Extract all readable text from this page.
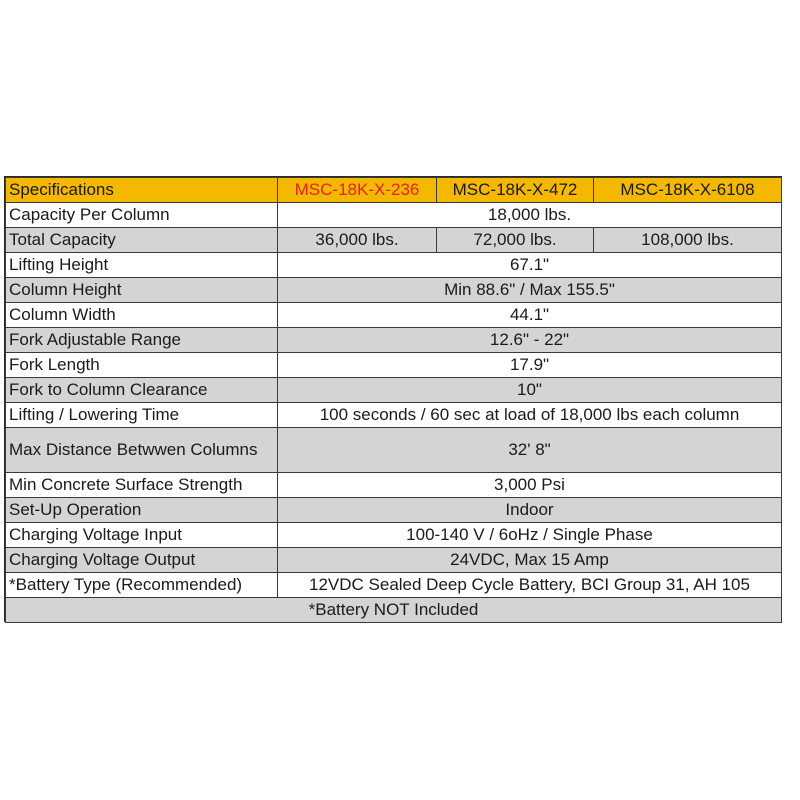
Specifications	MSC-18K-X-236	MSC-18K-X-472	MSC-18K-X-6108
Capacity Per Column	18,000 lbs.		
Total Capacity	36,000 lbs.	72,000 lbs.	108,000 lbs.
Lifting Height	67.1"		
Column Height	Min 88.6" / Max 155.5"		
Column Width	44.1"		
Fork Adjustable Range	12.6" - 22"		
Fork Length	17.9"		
Fork to Column Clearance	10"		
Lifting / Lowering Time	100 seconds / 60 sec at load of 18,000 lbs each column		
Max Distance Betwwen Columns	32' 8"		
Min Concrete Surface Strength	3,000 Psi		
Set-Up Operation	Indoor		
Charging Voltage Input	100-140 V / 6oHz / Single Phase		
Charging Voltage Output	24VDC, Max 15 Amp		
*Battery Type (Recommended)	12VDC Sealed Deep Cycle Battery, BCI Group 31, AH 105		
*Battery NOT Included			
